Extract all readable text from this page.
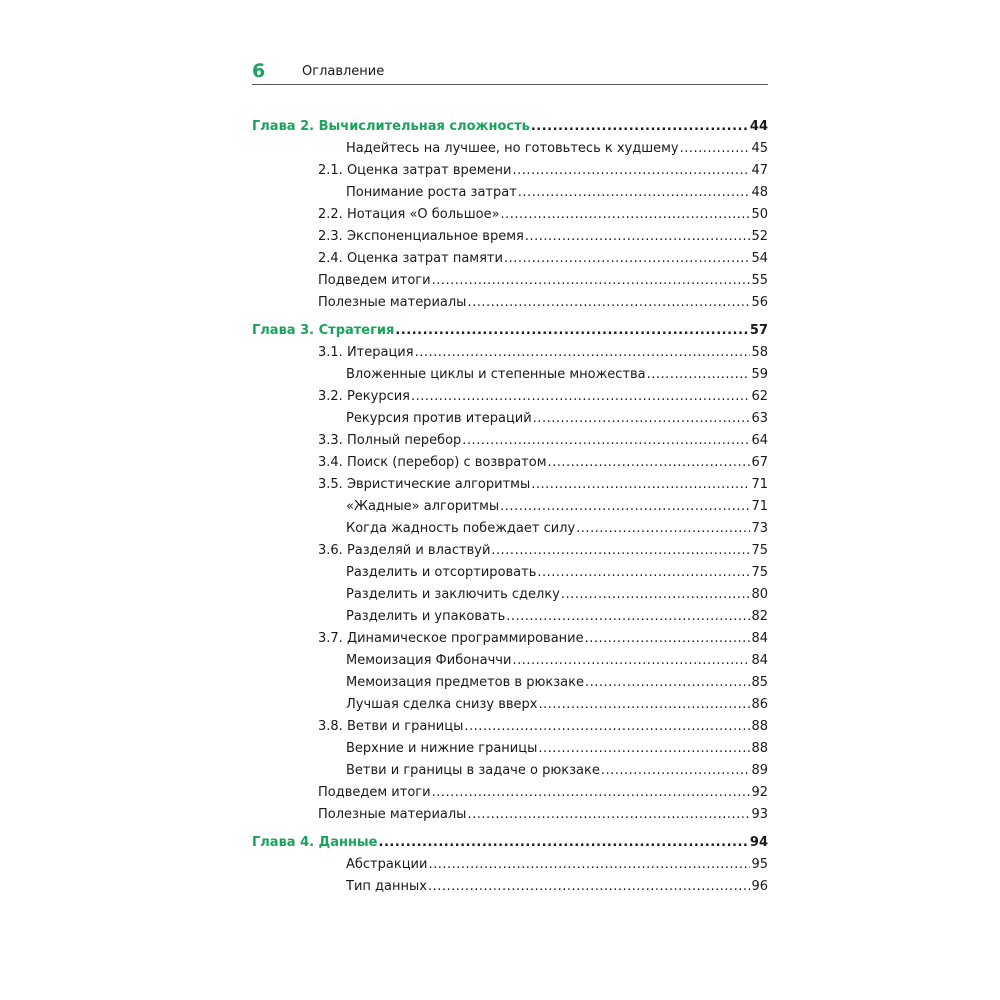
6	Оглавление
Глава 2. Вычислительная сложность .....	44
Надейтесь на лучшее, но готовьтесь к худшему .....	45
2.1. Оценка затрат времени .....	47
Понимание роста затрат .....	48
2.2. Нотация «O большое» .....	50
2.3. Экспоненциальное время .....	52
2.4. Оценка затрат памяти .....	54
Подведем итоги .....	55
Полезные материалы .....	56
Глава 3. Стратегия .....	57
3.1. Итерация .....	58
Вложенные циклы и степенные множества .....	59
3.2. Рекурсия .....	62
Рекурсия против итераций .....	63
3.3. Полный перебор .....	64
3.4. Поиск (перебор) с возвратом .....	67
3.5. Эвристические алгоритмы .....	71
«Жадные» алгоритмы .....	71
Когда жадность побеждает силу .....	73
3.6. Разделяй и властвуй .....	75
Разделить и отсортировать .....	75
Разделить и заключить сделку .....	80
Разделить и упаковать .....	82
3.7. Динамическое программирование .....	84
Мемоизация Фибоначчи .....	84
Мемоизация предметов в рюкзаке .....	85
Лучшая сделка снизу вверх .....	86
3.8. Ветви и границы .....	88
Верхние и нижние границы .....	88
Ветви и границы в задаче о рюкзаке .....	89
Подведем итоги .....	92
Полезные материалы .....	93
Глава 4. Данные .....	94
Абстракции .....	95
Тип данных .....	96
